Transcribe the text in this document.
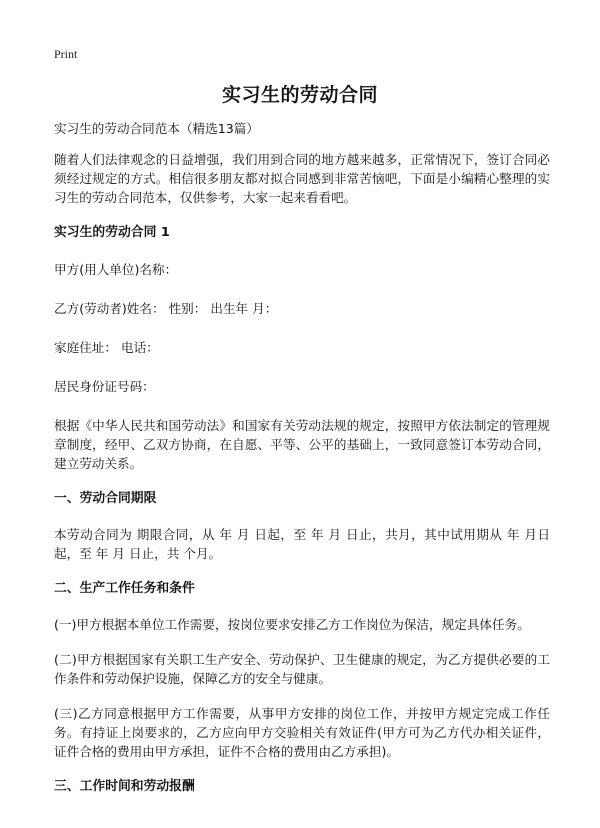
Print
实习生的劳动合同

实习生的劳动合同范本（精选13篇）

随着人们法律观念的日益增强，我们用到合同的地方越来越多，正常情况下，签订合同必须经过规定的方式。相信很多朋友都对拟合同感到非常苦恼吧，下面是小编精心整理的实习生的劳动合同范本，仅供参考，大家一起来看看吧。

实习生的劳动合同 1

甲方(用人单位)名称：

乙方(劳动者)姓名： 性别： 出生年 月：

家庭住址： 电话：

居民身份证号码：

根据《中华人民共和国劳动法》和国家有关劳动法规的规定，按照甲方依法制定的管理规章制度，经甲、乙双方协商，在自愿、平等、公平的基础上，一致同意签订本劳动合同，建立劳动关系。

一、劳动合同期限

本劳动合同为 期限合同，从 年 月 日起，至 年 月 日止，共月，其中试用期从 年 月日起，至 年 月 日止，共 个月。

二、生产工作任务和条件

(一)甲方根据本单位工作需要，按岗位要求安排乙方工作岗位为保洁，规定具体任务。

(二)甲方根据国家有关职工生产安全、劳动保护、卫生健康的规定，为乙方提供必要的工作条件和劳动保护设施，保障乙方的安全与健康。

(三)乙方同意根据甲方工作需要，从事甲方安排的岗位工作，并按甲方规定完成工作任务。有持证上岗要求的，乙方应向甲方交验相关有效证件(甲方可为乙方代办相关证件，证件合格的费用由甲方承担，证件不合格的费用由乙方承担)。

三、工作时间和劳动报酬
